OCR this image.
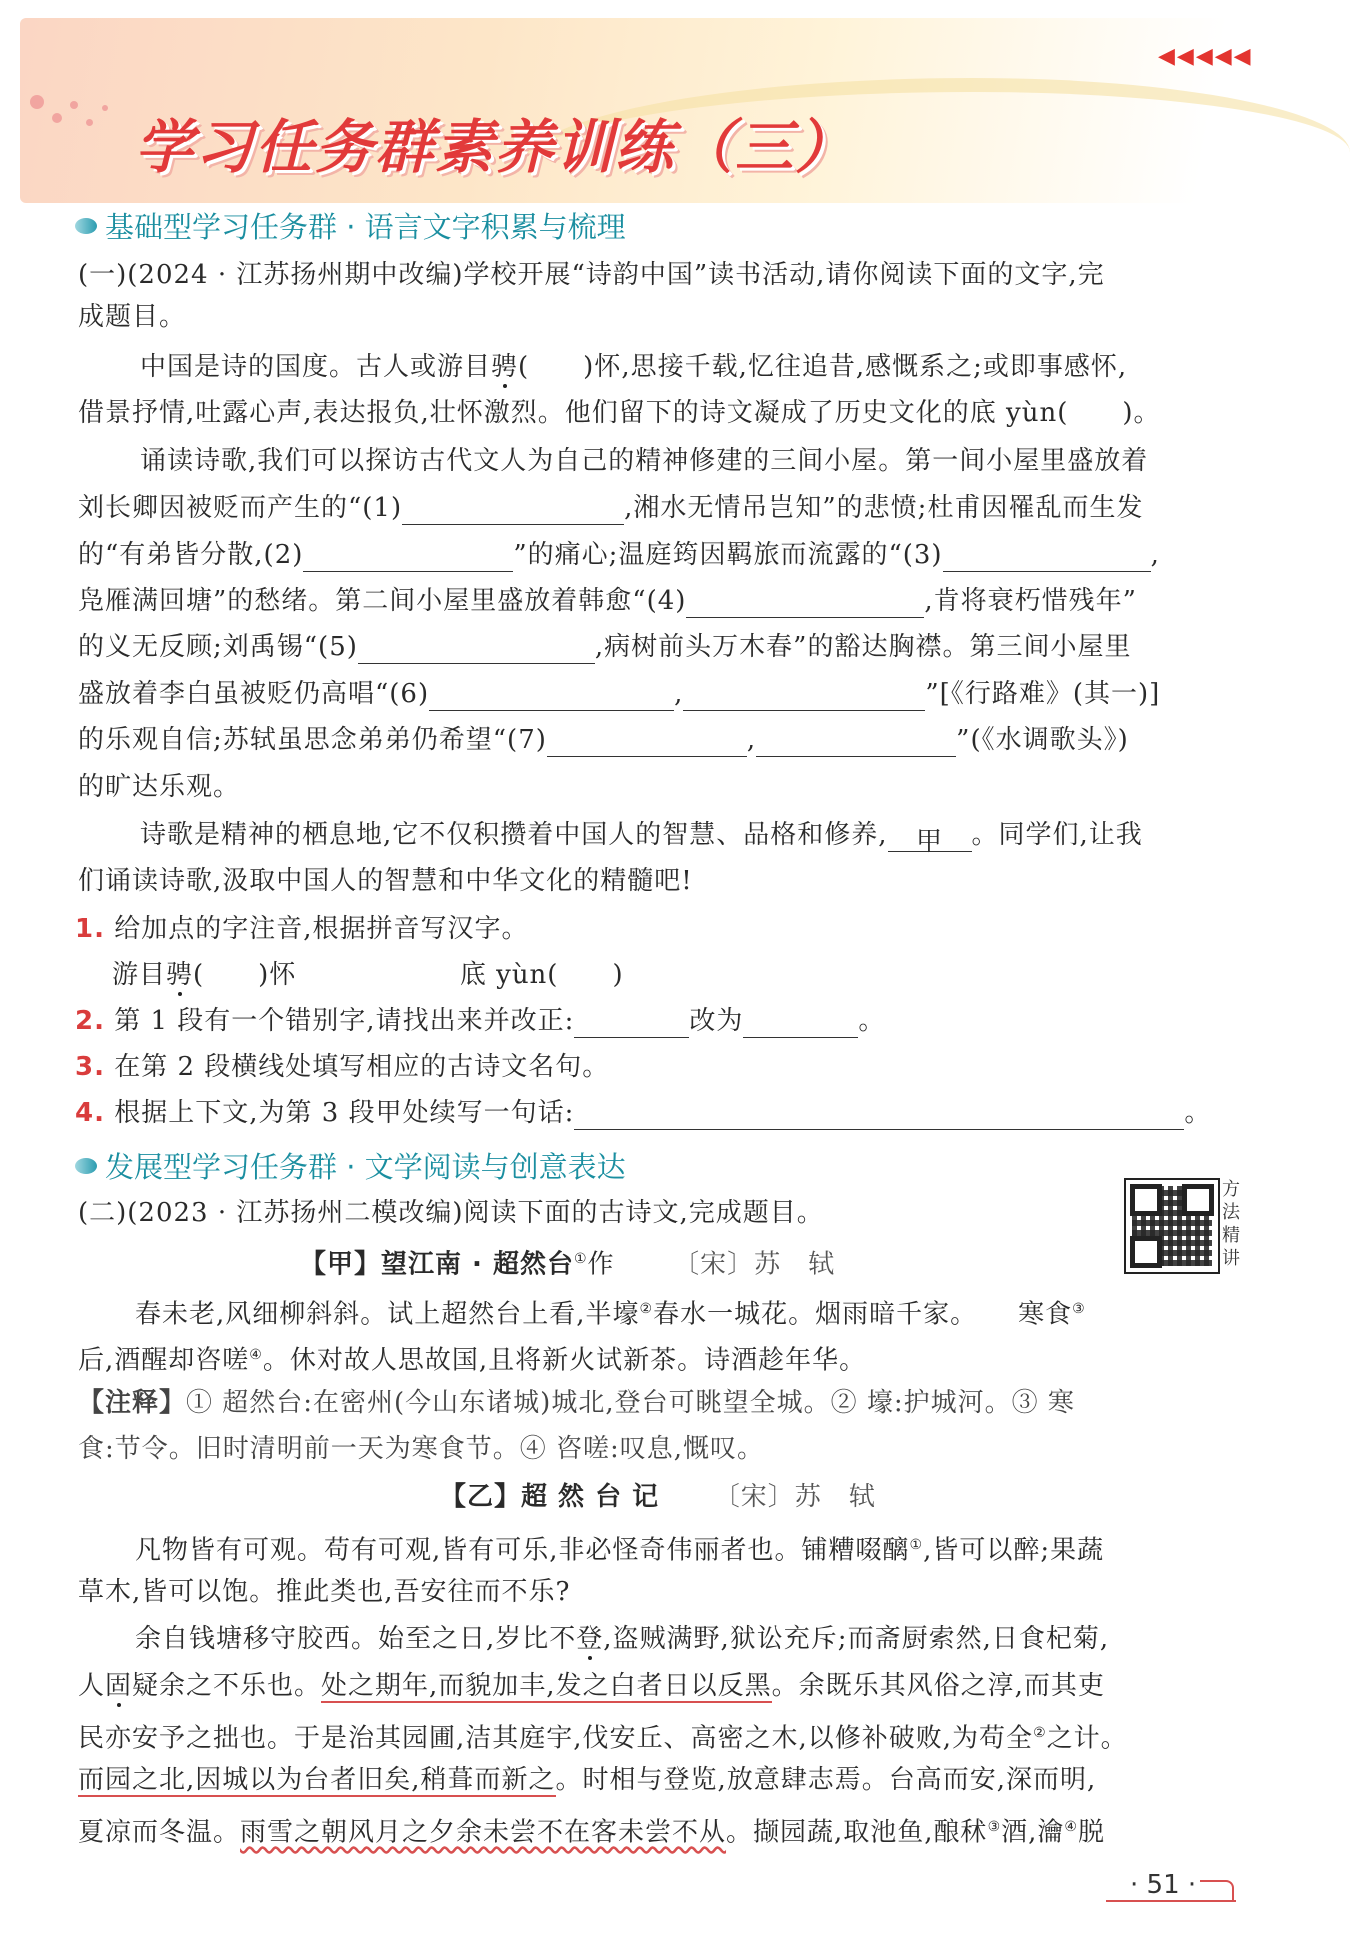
◀◀◀◀◀
学习任务群素养训练（三）
基础型学习任务群 · 语言文字积累与梳理
(一)(2024 · 江苏扬州期中改编)学校开展“诗韵中国”读书活动,请你阅读下面的文字,完
成题目。
中国是诗的国度。古人或游目骋(　　)怀,思接千载,忆往追昔,感慨系之;或即事感怀,
借景抒情,吐露心声,表达报负,壮怀激烈。他们留下的诗文凝成了历史文化的底 yùn(　　)。
诵读诗歌,我们可以探访古代文人为自己的精神修建的三间小屋。第一间小屋里盛放着
刘长卿因被贬而产生的“(1)	,湘水无情吊岂知”的悲愤;杜甫因罹乱而生发
的“有弟皆分散,(2)	”的痛心;温庭筠因羁旅而流露的“(3)	,
凫雁满回塘”的愁绪。第二间小屋里盛放着韩愈“(4)	,肯将衰朽惜残年”
的义无反顾;刘禹锡“(5)	,病树前头万木春”的豁达胸襟。第三间小屋里
盛放着李白虽被贬仍高唱“(6)	,	”[《行路难》(其一)]
的乐观自信;苏轼虽思念弟弟仍希望“(7)	,	”(《水调歌头》)
的旷达乐观。
诗歌是精神的栖息地,它不仅积攒着中国人的智慧、品格和修养, 甲 。同学们,让我
们诵读诗歌,汲取中国人的智慧和中华文化的精髓吧!
1. 给加点的字注音,根据拼音写汉字。
游目骋(　　)怀	底 yùn(　　)
2. 第 1 段有一个错别字,请找出来并改正:	改为	。
3. 在第 2 段横线处填写相应的古诗文名句。
4. 根据上下文,为第 3 段甲处续写一句话:	。
发展型学习任务群 · 文学阅读与创意表达
(二)(2023 · 江苏扬州二模改编)阅读下面的古诗文,完成题目。
方法精讲
【甲】望江南 · 超然台①作 〔宋〕苏　轼
春未老,风细柳斜斜。试上超然台上看,半壕②春水一城花。烟雨暗千家。　　寒食③
后,酒醒却咨嗟④。休对故人思故国,且将新火试新茶。诗酒趁年华。
【注释】① 超然台:在密州(今山东诸城)城北,登台可眺望全城。② 壕:护城河。③ 寒
食:节令。旧时清明前一天为寒食节。④ 咨嗟:叹息,慨叹。
【乙】超 然 台 记 〔宋〕苏　轼
凡物皆有可观。苟有可观,皆有可乐,非必怪奇伟丽者也。铺糟啜醨①,皆可以醉;果蔬
草木,皆可以饱。推此类也,吾安往而不乐?
余自钱塘移守胶西。始至之日,岁比不登,盗贼满野,狱讼充斥;而斋厨索然,日食杞菊,
人固疑余之不乐也。处之期年,而貌加丰,发之白者日以反黑。余既乐其风俗之淳,而其吏
民亦安予之拙也。于是治其园圃,洁其庭宇,伐安丘、高密之木,以修补破败,为苟全②之计。
而园之北,因城以为台者旧矣,稍葺而新之。时相与登览,放意肆志焉。台高而安,深而明,
夏凉而冬温。雨雪之朝风月之夕余未尝不在客未尝不从。撷园蔬,取池鱼,酿秫③酒,瀹④脱
· 51 ·
